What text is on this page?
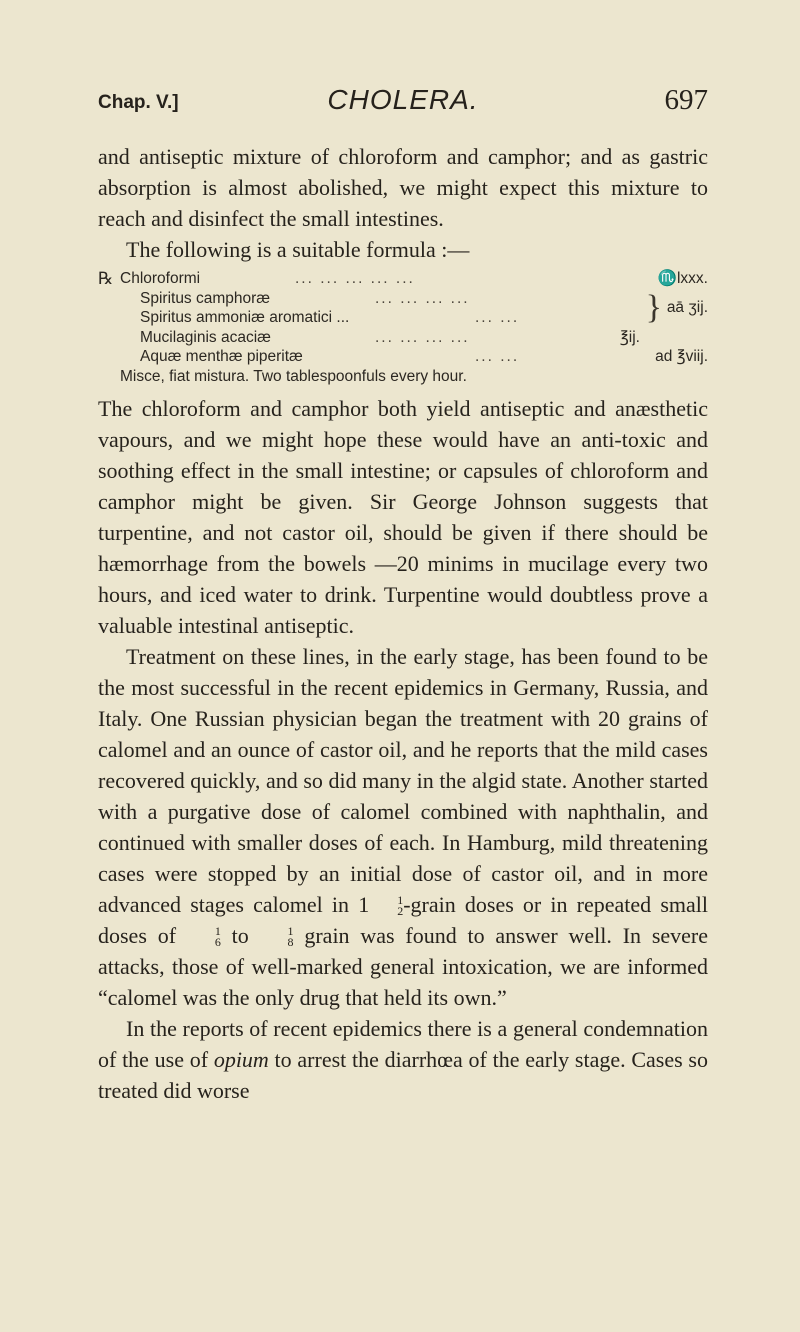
Chap. V.]	CHOLERA.	697

and antiseptic mixture of chloroform and camphor; and as gastric absorption is almost abolished, we might expect this mixture to reach and disinfect the small intestines.

The following is a suitable formula :—

℞ Chloroformi	... ... ... ... ...	♏lxxx.
Spiritus camphoræ	... ... ... ...
Spiritus ammoniæ aromatici ...	... ...	} aā ʒij.
Mucilaginis acaciæ	... ... ... ...	℥ij.
Aquæ menthæ piperitæ	... ...	ad ℥viij.
Misce, fiat mistura. Two tablespoonfuls every hour.

The chloroform and camphor both yield antiseptic and anæsthetic vapours, and we might hope these would have an anti-toxic and soothing effect in the small intestine; or capsules of chloroform and camphor might be given. Sir George Johnson suggests that turpentine, and not castor oil, should be given if there should be hæmorrhage from the bowels —20 minims in mucilage every two hours, and iced water to drink. Turpentine would doubtless prove a valuable intestinal antiseptic.

Treatment on these lines, in the early stage, has been found to be the most successful in the recent epidemics in Germany, Russia, and Italy. One Russian physician began the treatment with 20 grains of calomel and an ounce of castor oil, and he reports that the mild cases recovered quickly, and so did many in the algid state. Another started with a purgative dose of calomel combined with naphthalin, and continued with smaller doses of each. In Hamburg, mild threatening cases were stopped by an initial dose of castor oil, and in more advanced stages calomel in 1	1
2 -grain doses or in repeated small doses of	1
6 to	1
8 grain was found to answer well. In severe attacks, those of well-marked general intoxication, we are informed “calomel was the only drug that held its own.”

In the reports of recent epidemics there is a general condemnation of the use of opium to arrest the diarrhœa of the early stage. Cases so treated did worse
